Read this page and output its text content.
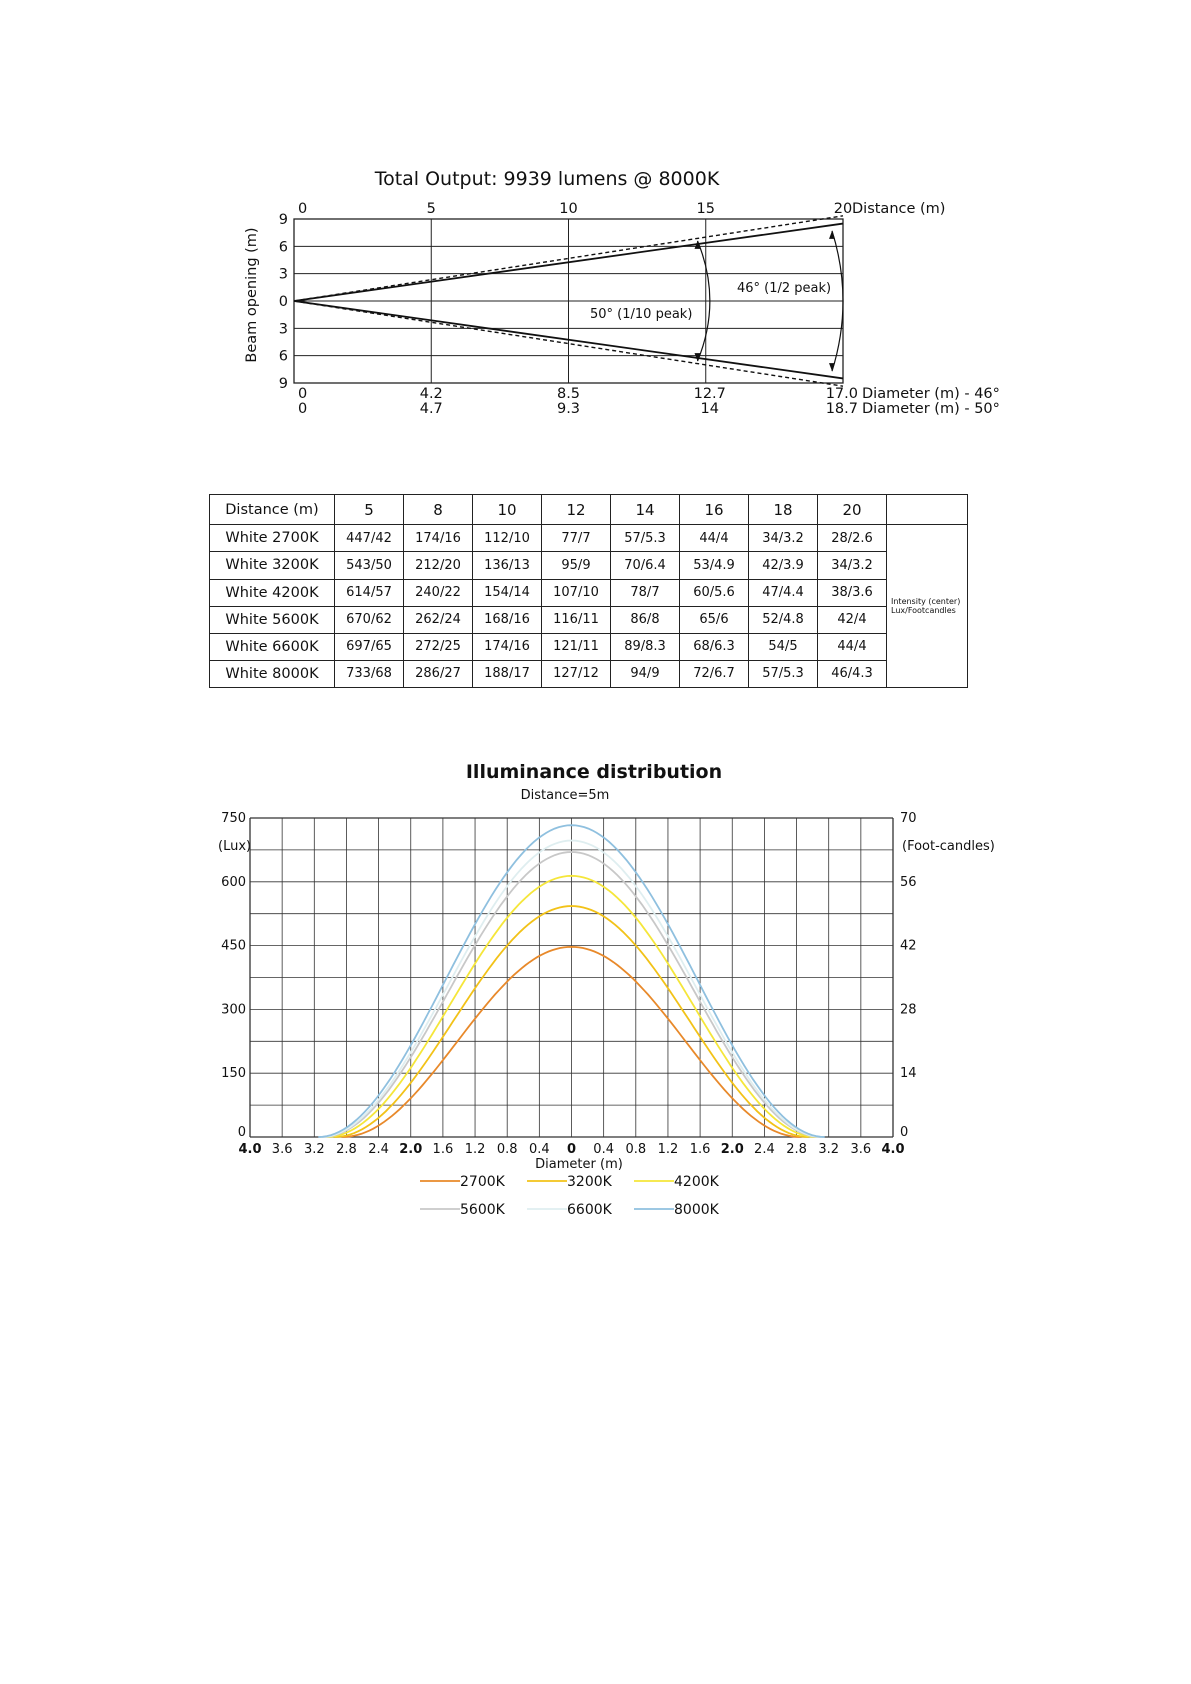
Total Output: 9939 lumens @ 8000K
Beam opening (m)
Distance (m)
46° (1/2 peak)
50° (1/10 peak)
Diameter (m) - 46°
Diameter (m) - 50°
0	5	10	15	20
9
6
3
0
3
6
9
0
0
4.2
4.7
8.5
9.3
12.7
14
17.0
18.7
Distance (m)	5	8	10	12	14	16	18	20	
White 2700K	447/42	174/16	112/10	77/7	57/5.3	44/4	34/3.2	28/2.6	Intensity (center)
Lux/Footcandles

White 3200K	543/50	212/20	136/13	95/9	70/6.4	53/4.9	42/3.9	34/3.2	
White 4200K	614/57	240/22	154/14	107/10	78/7	60/5.6	47/4.4	38/3.6	
White 5600K	670/62	262/24	168/16	116/11	86/8	65/6	52/4.8	42/4	
White 6600K	697/65	272/25	174/16	121/11	89/8.3	68/6.3	54/5	44/4	
White 8000K	733/68	286/27	188/17	127/12	94/9	72/6.7	57/5.3	46/4.3	
Illuminance distribution
Distance=5m
(Lux)	(Foot-candles)
Diameter (m)
4.0 3.6 3.2 2.8 2.4 2.0 1.6 1.2 0.8 0.4 0 0.4 0.8 1.2 1.6 2.0 2.4 2.8 3.2 3.6 4.0
750
600
450
300
150
0
70
56
42
28
14
0
2700K	3200K	4200K
5600K	6600K	8000K
